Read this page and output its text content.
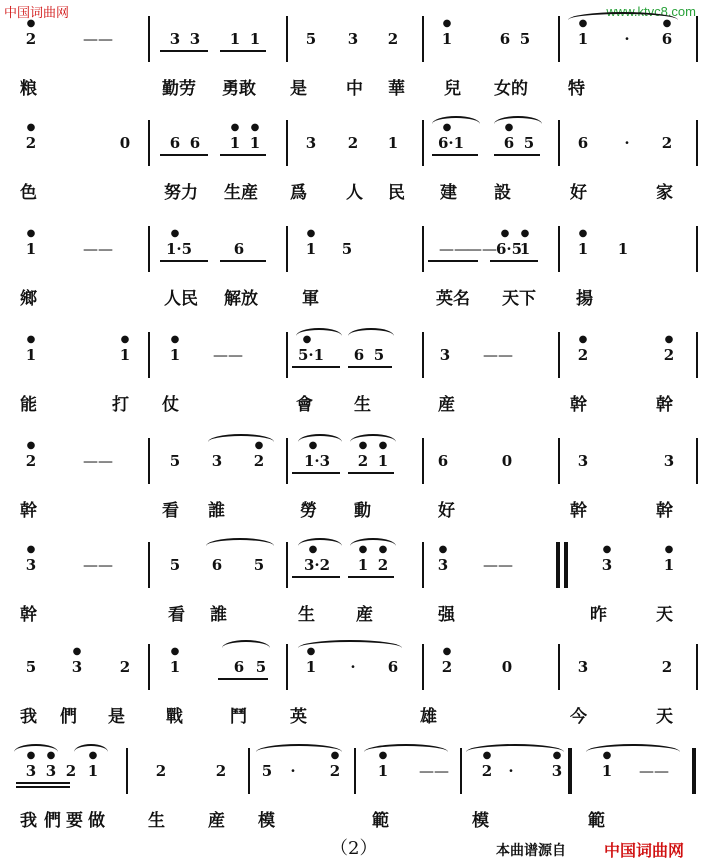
中国词曲网	www.ktvc8.com
2
●
——	3 3 1 1	5 3 2	1
●
6 5	1
●
·	6
●
粮	勤劳 勇敢 是 中 華 兒 女的 特
2
●
0	6 6 1
●
1
●
3 2 1	6·1
●
6
●
5	6	·	2
色	努力 生産 爲 人 民 建 設	好	家
1
●
——	1·5
●
6	1
●
5	——	6·5
●
1
●
1
●
1
——
鄉	人民 解放	軍	英名 天下 揚
1
●
1
●
1
●
——	5·1
●
6 5	3	——	2
●
2
●
能	打 仗	會 生	産	幹	幹
2
●
——	5 3 2
●
1·3
●
2
●
1
●
6	0	3	3
幹	看 誰	勞 動	好	幹	幹
3
●
——	5 6 5	3·2
●
1
●
2
●
3
●
——	3
●
1
●
幹	看 誰	生 産	强	昨	天
5 3
●
2	1
●
6 5	1
●
·	6	2
●
0	3	2
我 們 是 戰	鬥	英	雄	今	天
3
●
3
●
2 1
●
2	2 5	·	2
●
1
●
——	2
●
·	3
●
1
●
——
我 們 要 做	生	産 模	範	模	範
（2）	本曲谱源自 中国词曲网
